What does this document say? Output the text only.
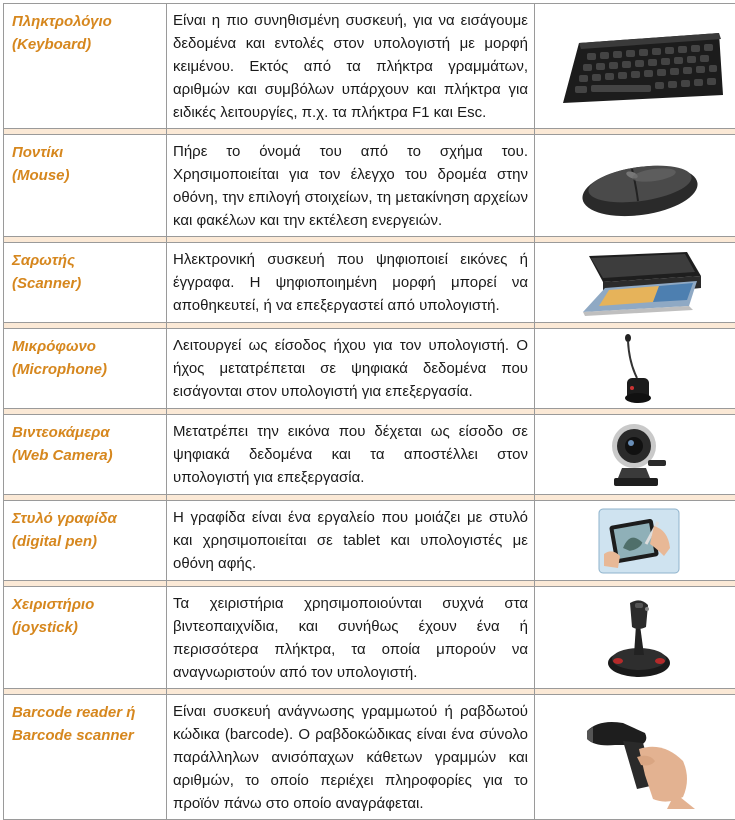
Πληκτρολόγιο
(Keyboard)	Είναι η πιο συνηθισμένη συσκευή, για να εισάγουμε δεδομένα και εντολές στον υπολογιστή με μορφή κειμένου. Εκτός από τα πλήκτρα γραμμάτων, αριθμών και συμβόλων υπάρχουν και πλήκτρα για ειδικές λειτουργίες, π.χ. τα πλήκτρα F1 και Esc.	

Ποντίκι
(Mouse)	Πήρε το όνομά του από το σχήμα του. Χρησιμοποιείται για τον έλεγχο του δρομέα στην οθόνη, την επιλογή στοιχείων, τη μετακίνηση αρχείων και φακέλων και την εκτέλεση ενεργειών.	

Σαρωτής
(Scanner)	Ηλεκτρονική συσκευή που ψηφιοποιεί εικόνες ή έγγραφα. Η ψηφιοποιημένη μορφή μπορεί να αποθηκευτεί, ή να επεξεργαστεί από υπολογιστή.	

Μικρόφωνο
(Microphone)	Λειτουργεί ως είσοδος ήχου για τον υπολογιστή. Ο ήχος μετατρέπεται σε ψηφιακά δεδομένα που εισάγονται στον υπολογιστή για επεξεργασία.	

Βιντεοκάμερα
(Web Camera)	Μετατρέπει την εικόνα που δέχεται ως είσοδο σε ψηφιακά δεδομένα και τα αποστέλλει στον υπολογιστή για επεξεργασία.	

Στυλό γραφίδα
(digital pen)	Η γραφίδα είναι ένα εργαλείο που μοιάζει με στυλό και χρησιμοποιείται σε tablet και υπολογιστές με οθόνη αφής.	

Χειριστήριο
(joystick)	Τα χειριστήρια χρησιμοποιούνται συχνά στα βιντεοπαιχνίδια, και συνήθως έχουν ένα ή περισσότερα πλήκτρα, τα οποία μπορούν να αναγνωριστούν από τον υπολογιστή.	

Barcode reader ή
Barcode scanner	Είναι συσκευή ανάγνωσης γραμμωτού ή ραβδωτού κώδικα (barcode). Ο ραβδοκώδικας είναι ένα σύνολο παράλληλων ανισόπαχων κάθετων γραμμών και αριθμών, το οποίο περιέχει πληροφορίες για το προϊόν πάνω στο οποίο αναγράφεται.	
